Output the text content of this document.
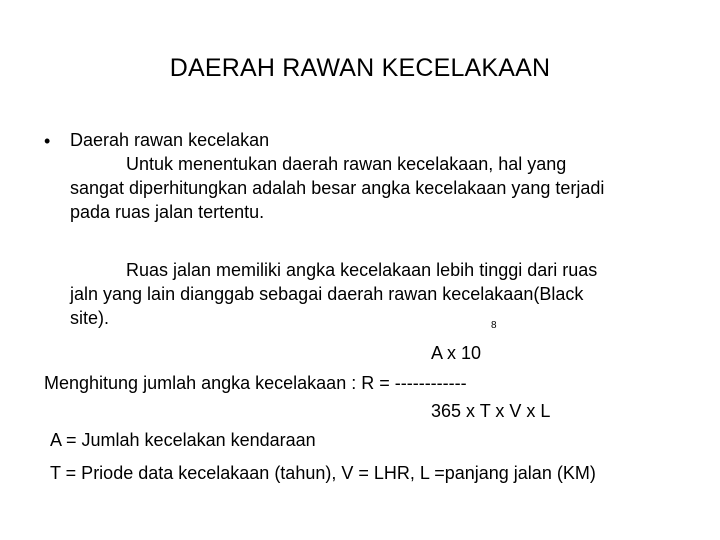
DAERAH RAWAN KECELAKAAN
• Daerah rawan kecelakan
Untuk menentukan daerah rawan kecelakaan, hal yang
sangat diperhitungkan adalah besar angka kecelakaan yang terjadi
pada ruas jalan tertentu.
Ruas jalan memiliki angka kecelakaan lebih tinggi dari ruas
jaln yang lain dianggab sebagai daerah rawan kecelakaan(Black
site).	8
A x 10
Menghitung jumlah angka kecelakaan : R = ------------
365 x T x V x L
A = Jumlah kecelakan kendaraan
T = Priode data kecelakaan (tahun), V = LHR, L =panjang jalan (KM)
